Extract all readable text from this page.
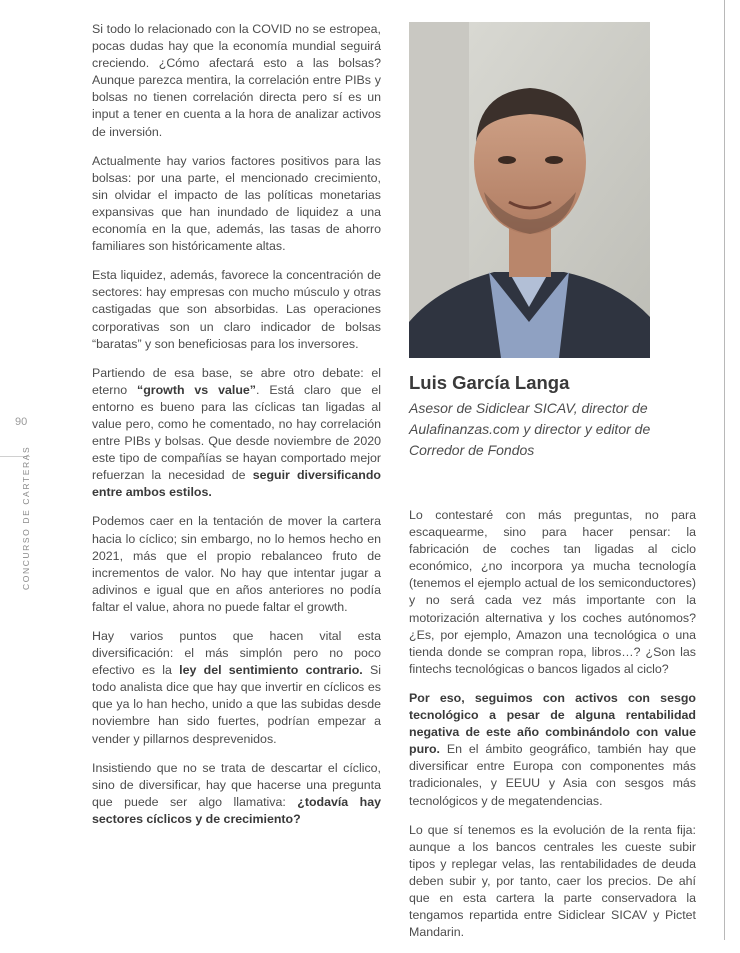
90
CONCURSO DE CARTERAS

Si todo lo relacionado con la COVID no se estropea, pocas dudas hay que la economía mundial seguirá creciendo. ¿Cómo afectará esto a las bolsas? Aunque parezca mentira, la correlación entre PIBs y bolsas no tienen correlación directa pero sí es un input a tener en cuenta a la hora de analizar activos de inversión.

Actualmente hay varios factores positivos para las bolsas: por una parte, el mencionado crecimiento, sin olvidar el impacto de las políticas monetarias expansivas que han inundado de liquidez a una economía en la que, además, las tasas de ahorro familiares son históricamente altas.

Esta liquidez, además, favorece la concentración de sectores: hay empresas con mucho músculo y otras castigadas que son absorbidas. Las operaciones corporativas son un claro indicador de bolsas “baratas” y son beneficiosas para los inversores.

Partiendo de esa base, se abre otro debate: el eterno “growth vs value”. Está claro que el entorno es bueno para las cíclicas tan ligadas al value pero, como he comentado, no hay correlación entre PIBs y bolsas. Que desde noviembre de 2020 este tipo de compañías se hayan comportado mejor refuerzan la necesidad de seguir diversificando entre ambos estilos.

Podemos caer en la tentación de mover la cartera hacia lo cíclico; sin embargo, no lo hemos hecho en 2021, más que el propio rebalanceo fruto de incrementos de valor. No hay que intentar jugar a adivinos e igual que en años anteriores no podía faltar el value, ahora no puede faltar el growth.

Hay varios puntos que hacen vital esta diversificación: el más simplón pero no poco efectivo es la ley del sentimiento contrario. Si todo analista dice que hay que invertir en cíclicos es que ya lo han hecho, unido a que las subidas desde noviembre han sido fuertes, podrían empezar a vender y pillarnos desprevenidos.

Insistiendo que no se trata de descartar el cíclico, sino de diversificar, hay que hacerse una pregunta que puede ser algo llamativa: ¿todavía hay sectores cíclicos y de crecimiento?

Luis García Langa
Asesor de Sidiclear SICAV, director de
Aulafinanzas.com y director y editor de
Corredor de Fondos

Lo contestaré con más preguntas, no para escaquearme, sino para hacer pensar: la fabricación de coches tan ligadas al ciclo económico, ¿no incorpora ya mucha tecnología (tenemos el ejemplo actual de los semiconductores) y no será cada vez más importante con la motorización alternativa y los coches autónomos? ¿Es, por ejemplo, Amazon una tecnológica o una tienda donde se compran ropa, libros…? ¿Son las fintechs tecnológicas o bancos ligados al ciclo?

Por eso, seguimos con activos con sesgo tecnológico a pesar de alguna rentabilidad negativa de este año combinándolo con value puro. En el ámbito geográfico, también hay que diversificar entre Europa con componentes más tradicionales, y EEUU y Asia con sesgos más tecnológicos y de megatendencias.

Lo que sí tenemos es la evolución de la renta fija: aunque a los bancos centrales les cueste subir tipos y replegar velas, las rentabilidades de deuda deben subir y, por tanto, caer los precios. De ahí que en esta cartera la parte conservadora la tengamos repartida entre Sidiclear SICAV y Pictet Mandarin.
